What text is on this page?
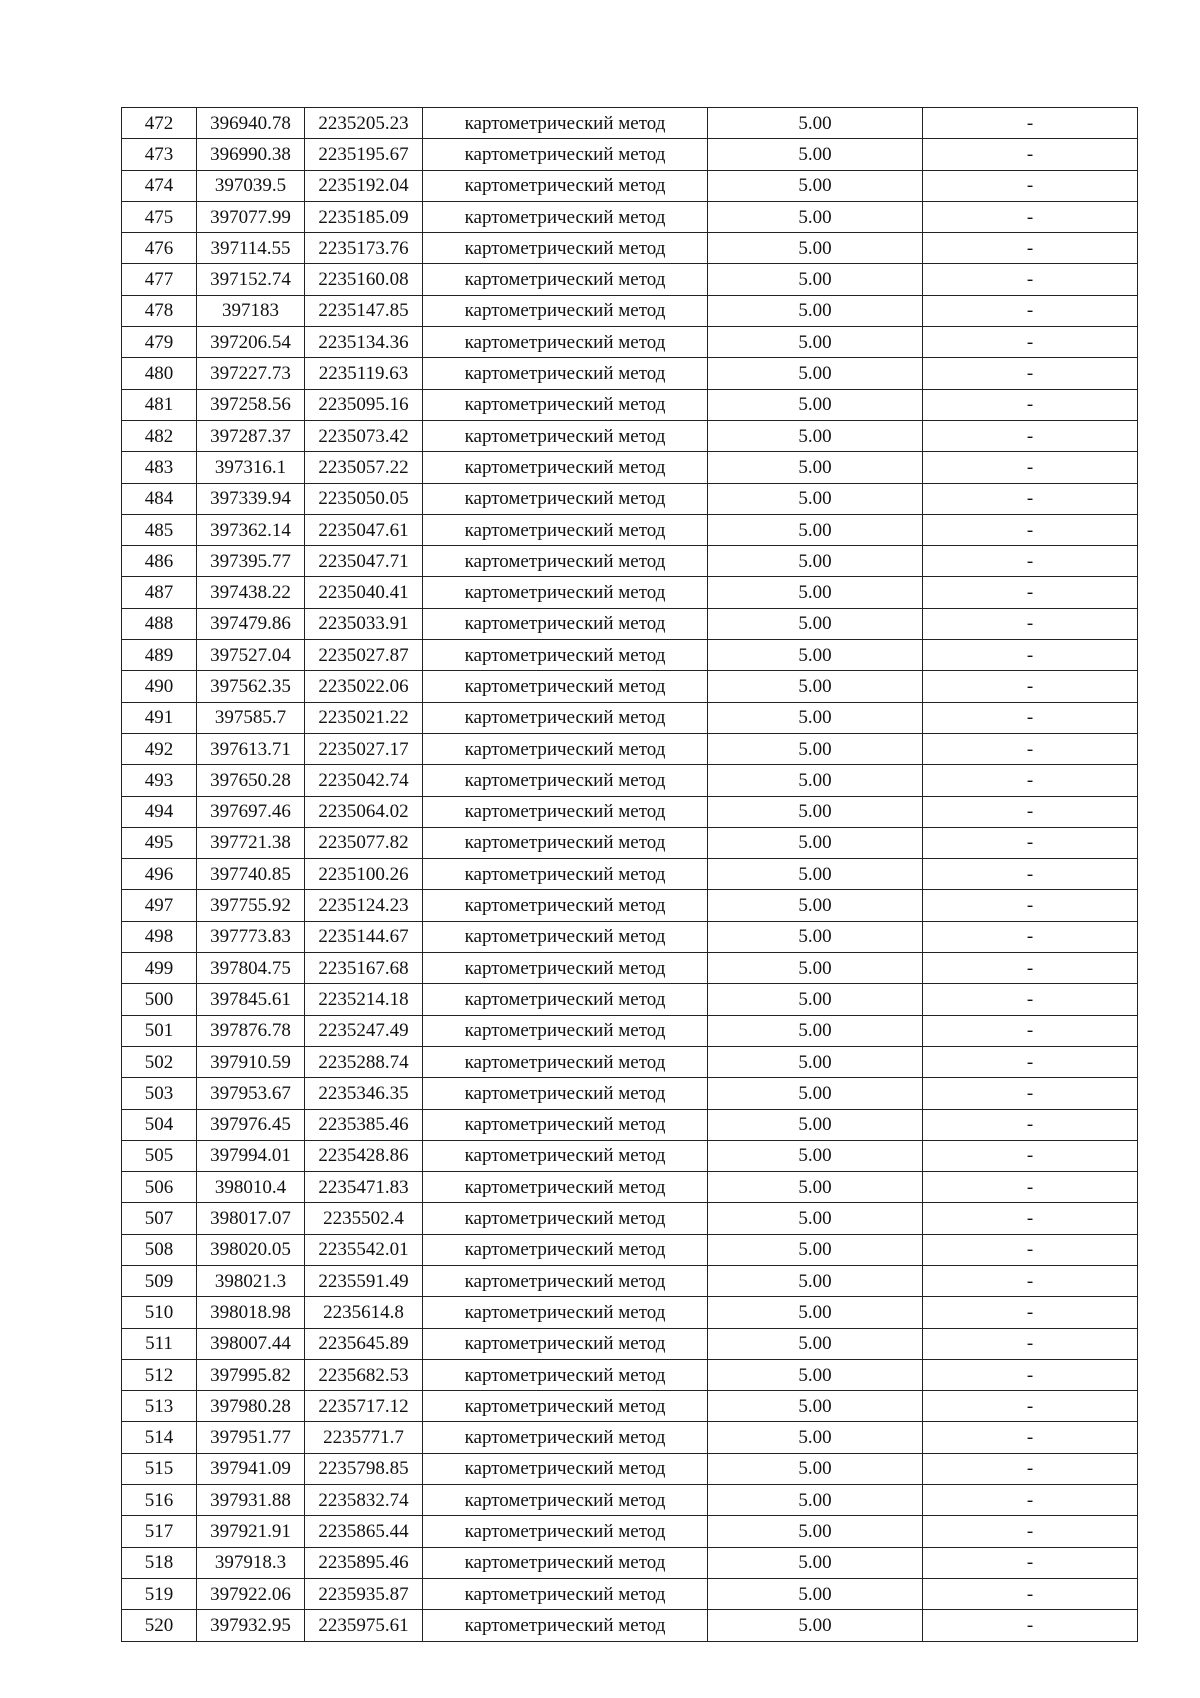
472	396940.78	2235205.23	картометрический метод	5.00	-
473	396990.38	2235195.67	картометрический метод	5.00	-
474	397039.5	2235192.04	картометрический метод	5.00	-
475	397077.99	2235185.09	картометрический метод	5.00	-
476	397114.55	2235173.76	картометрический метод	5.00	-
477	397152.74	2235160.08	картометрический метод	5.00	-
478	397183	2235147.85	картометрический метод	5.00	-
479	397206.54	2235134.36	картометрический метод	5.00	-
480	397227.73	2235119.63	картометрический метод	5.00	-
481	397258.56	2235095.16	картометрический метод	5.00	-
482	397287.37	2235073.42	картометрический метод	5.00	-
483	397316.1	2235057.22	картометрический метод	5.00	-
484	397339.94	2235050.05	картометрический метод	5.00	-
485	397362.14	2235047.61	картометрический метод	5.00	-
486	397395.77	2235047.71	картометрический метод	5.00	-
487	397438.22	2235040.41	картометрический метод	5.00	-
488	397479.86	2235033.91	картометрический метод	5.00	-
489	397527.04	2235027.87	картометрический метод	5.00	-
490	397562.35	2235022.06	картометрический метод	5.00	-
491	397585.7	2235021.22	картометрический метод	5.00	-
492	397613.71	2235027.17	картометрический метод	5.00	-
493	397650.28	2235042.74	картометрический метод	5.00	-
494	397697.46	2235064.02	картометрический метод	5.00	-
495	397721.38	2235077.82	картометрический метод	5.00	-
496	397740.85	2235100.26	картометрический метод	5.00	-
497	397755.92	2235124.23	картометрический метод	5.00	-
498	397773.83	2235144.67	картометрический метод	5.00	-
499	397804.75	2235167.68	картометрический метод	5.00	-
500	397845.61	2235214.18	картометрический метод	5.00	-
501	397876.78	2235247.49	картометрический метод	5.00	-
502	397910.59	2235288.74	картометрический метод	5.00	-
503	397953.67	2235346.35	картометрический метод	5.00	-
504	397976.45	2235385.46	картометрический метод	5.00	-
505	397994.01	2235428.86	картометрический метод	5.00	-
506	398010.4	2235471.83	картометрический метод	5.00	-
507	398017.07	2235502.4	картометрический метод	5.00	-
508	398020.05	2235542.01	картометрический метод	5.00	-
509	398021.3	2235591.49	картометрический метод	5.00	-
510	398018.98	2235614.8	картометрический метод	5.00	-
511	398007.44	2235645.89	картометрический метод	5.00	-
512	397995.82	2235682.53	картометрический метод	5.00	-
513	397980.28	2235717.12	картометрический метод	5.00	-
514	397951.77	2235771.7	картометрический метод	5.00	-
515	397941.09	2235798.85	картометрический метод	5.00	-
516	397931.88	2235832.74	картометрический метод	5.00	-
517	397921.91	2235865.44	картометрический метод	5.00	-
518	397918.3	2235895.46	картометрический метод	5.00	-
519	397922.06	2235935.87	картометрический метод	5.00	-
520	397932.95	2235975.61	картометрический метод	5.00	-
